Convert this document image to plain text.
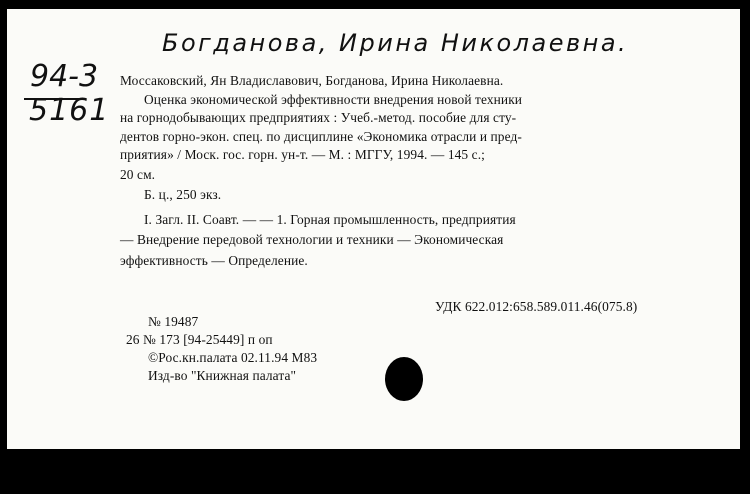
Богданова, Ирина Николаевна.
94-3
5161
Моссаковский, Ян Владиславович, Богданова, Ирина Николаевна.
Оценка экономической эффективности внедрения новой техники
на горнодобывающих предприятиях : Учеб.-метод. пособие для сту-
дентов горно-экон. спец. по дисциплине «Экономика отрасли и пред-
приятия» / Моск. гос. горн. ун-т. — М. : МГГУ, 1994. — 145 с.;
20 см.
Б. ц., 250 экз.
I. Загл. II. Соавт. — — 1. Горная промышленность, предприятия
— Внедрение передовой технологии и техники — Экономическая
эффективность — Определение.
№ 19487
УДК 622.012:658.589.011.46(075.8)
26 № 173 [94-25449] п оп
©Рос.кн.палата 02.11.94 М83
Изд-во "Книжная палата"
